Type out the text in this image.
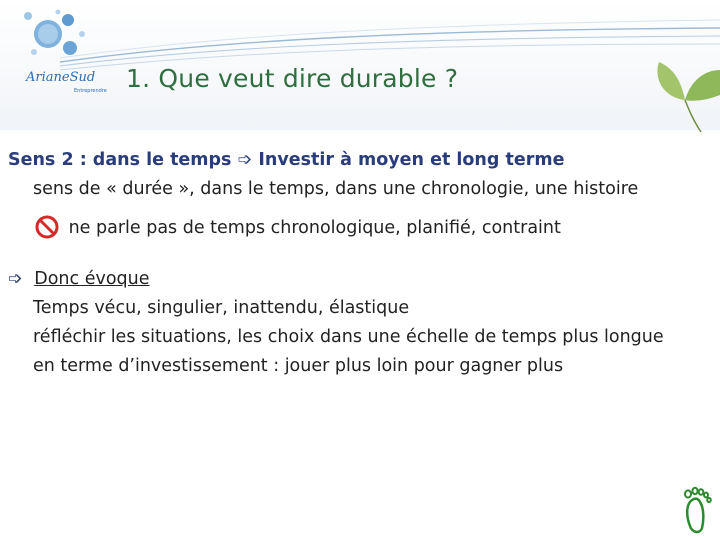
ArianeSud
Entreprendre 1. Que veut dire durable ?
Sens 2 : dans le temps ➩ Investir à moyen et long terme
sens de « durée », dans le temps, dans une chronologie, une histoire
ne parle pas de temps chronologique, planifié, contraint
➩ Donc évoque
Temps vécu, singulier, inattendu, élastique
réfléchir les situations, les choix dans une échelle de temps plus longue
en terme d’investissement : jouer plus loin pour gagner plus
